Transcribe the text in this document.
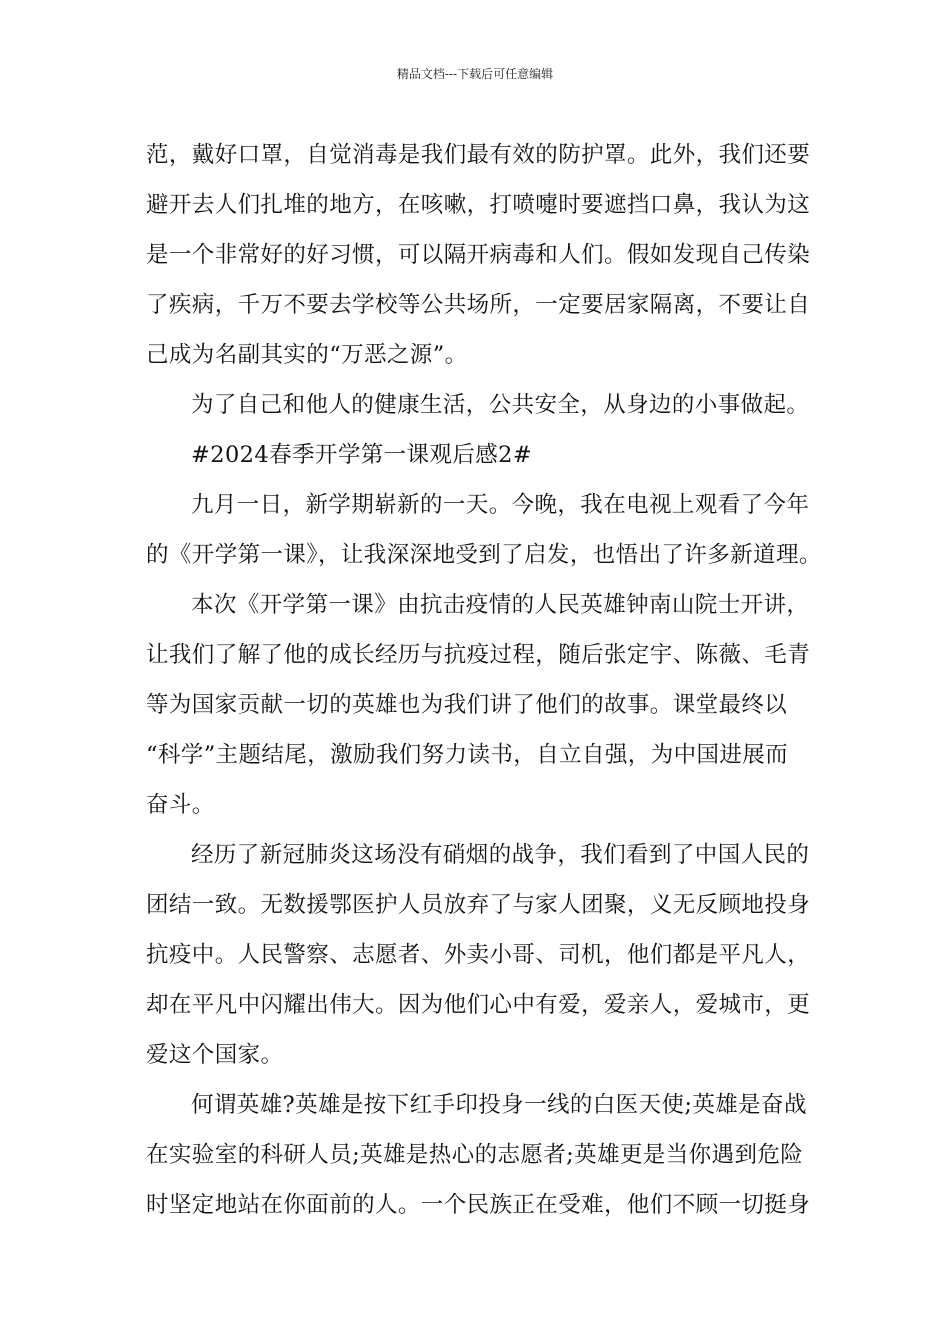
精品文档---下载后可任意编辑
范，戴好口罩，自觉消毒是我们最有效的防护罩。此外，我们还要
避开去人们扎堆的地方，在咳嗽，打喷嚏时要遮挡口鼻，我认为这
是一个非常好的好习惯，可以隔开病毒和人们。假如发现自己传染
了疾病，千万不要去学校等公共场所，一定要居家隔离，不要让自
己成为名副其实的“万恶之源”。
为了自己和他人的健康生活，公共安全，从身边的小事做起。
#2024春季开学第一课观后感2#
九月一日，新学期崭新的一天。今晚，我在电视上观看了今年
的《开学第一课》，让我深深地受到了启发，也悟出了许多新道理。
本次《开学第一课》由抗击疫情的人民英雄钟南山院士开讲，
让我们了解了他的成长经历与抗疫过程，随后张定宇、陈薇、毛青
等为国家贡献一切的英雄也为我们讲了他们的故事。课堂最终以
“科学”主题结尾，激励我们努力读书，自立自强，为中国进展而
奋斗。
经历了新冠肺炎这场没有硝烟的战争，我们看到了中国人民的
团结一致。无数援鄂医护人员放弃了与家人团聚，义无反顾地投身
抗疫中。人民警察、志愿者、外卖小哥、司机，他们都是平凡人，
却在平凡中闪耀出伟大。因为他们心中有爱，爱亲人，爱城市，更
爱这个国家。
何谓英雄?英雄是按下红手印投身一线的白医天使;英雄是奋战
在实验室的科研人员;英雄是热心的志愿者;英雄更是当你遇到危险
时坚定地站在你面前的人。一个民族正在受难，他们不顾一切挺身
